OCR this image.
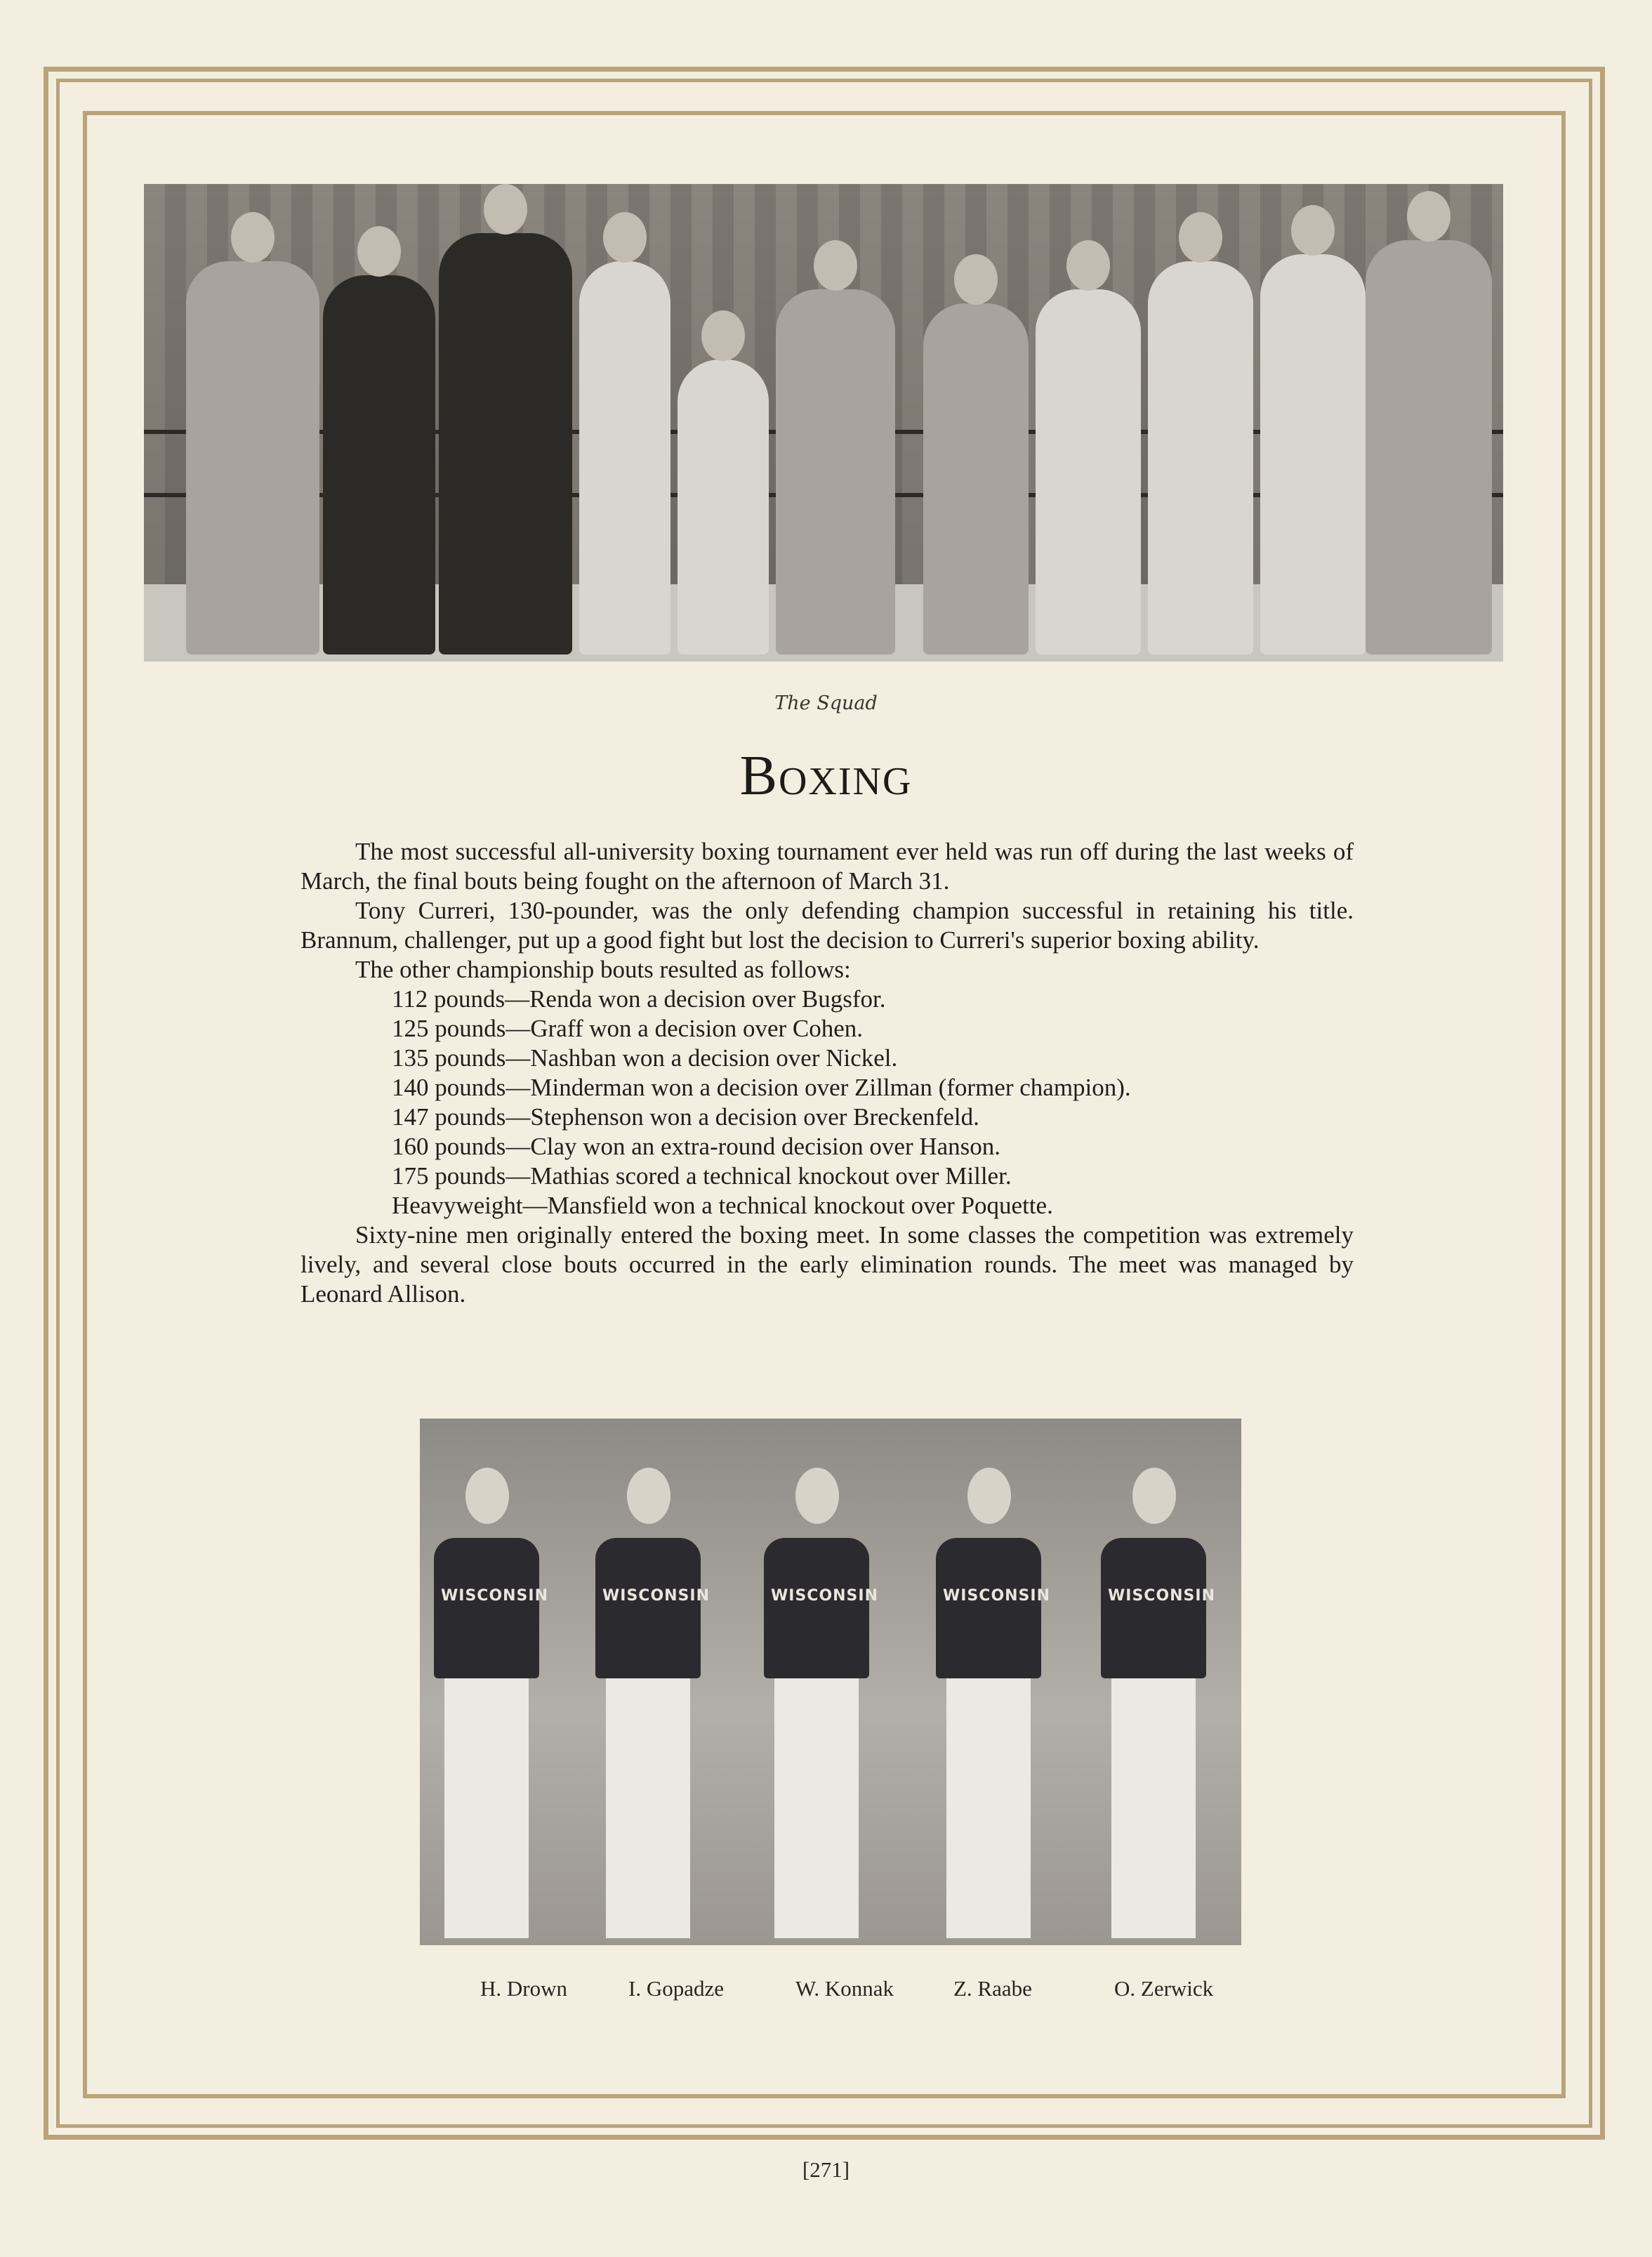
The Squad
Boxing

The most successful all-university boxing tournament ever held was run off during the last weeks of March, the final bouts being fought on the afternoon of March 31.

Tony Curreri, 130-pounder, was the only defending champion successful in retaining his title. Brannum, challenger, put up a good fight but lost the decision to Curreri's superior boxing ability.

The other championship bouts resulted as follows:

112 pounds—Renda won a decision over Bugsfor.
125 pounds—Graff won a decision over Cohen.
135 pounds—Nashban won a decision over Nickel.
140 pounds—Minderman won a decision over Zillman (former champion).
147 pounds—Stephenson won a decision over Breckenfeld.
160 pounds—Clay won an extra-round decision over Hanson.
175 pounds—Mathias scored a technical knockout over Miller.
Heavyweight—Mansfield won a technical knockout over Poquette.

Sixty-nine men originally entered the boxing meet. In some classes the competition was extremely lively, and several close bouts occurred in the early elimination rounds. The meet was managed by Leonard Allison.

WISCONSIN	WISCONSIN	WISCONSIN	WISCONSIN	WISCONSIN
H. Drown	I. Gopadze	W. Konnak	Z. Raabe	O. Zerwick
[271]
